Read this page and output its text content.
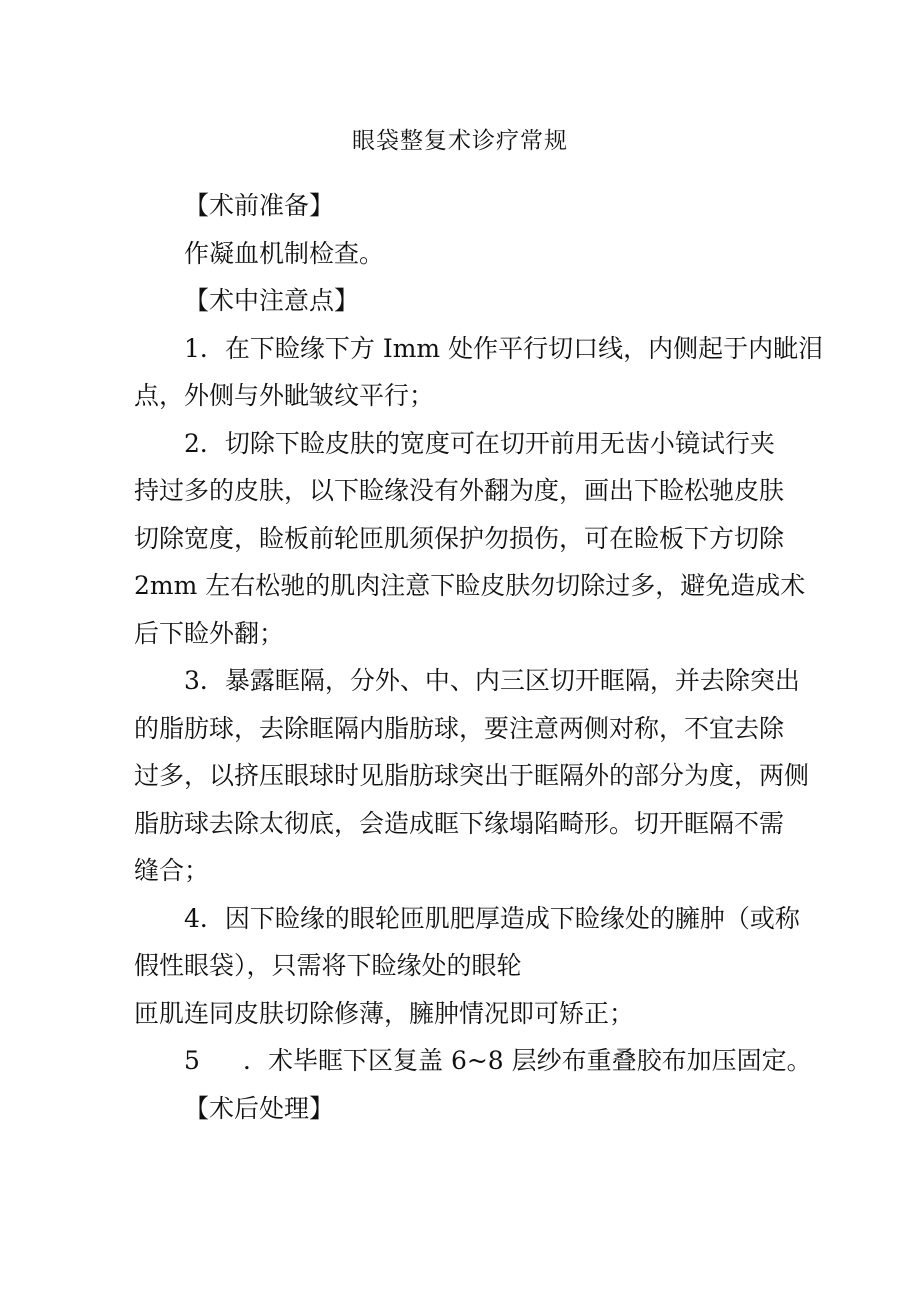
眼袋整复术诊疗常规
【术前准备】
作凝血机制检查。
【术中注意点】
1．在下睑缘下方 Imm 处作平行切口线，内侧起于内眦泪
点，外侧与外眦皱纹平行；
2．切除下睑皮肤的宽度可在切开前用无齿小镜试行夹
持过多的皮肤，以下睑缘没有外翻为度，画出下睑松驰皮肤
切除宽度，睑板前轮匝肌须保护勿损伤，可在睑板下方切除
2mm 左右松驰的肌肉注意下睑皮肤勿切除过多，避免造成术
后下睑外翻；
3．暴露眶隔，分外、中、内三区切开眶隔，并去除突出
的脂肪球，去除眶隔内脂肪球，要注意两侧对称，不宜去除
过多，以挤压眼球时见脂肪球突出于眶隔外的部分为度，两侧
脂肪球去除太彻底，会造成眶下缘塌陷畸形。切开眶隔不需
缝合；
4．因下睑缘的眼轮匝肌肥厚造成下睑缘处的臃肿（或称
假性眼袋），只需将下睑缘处的眼轮
匝肌连同皮肤切除修薄，臃肿情况即可矫正；
5 ．术毕眶下区复盖 6~8 层纱布重叠胶布加压固定。
【术后处理】
